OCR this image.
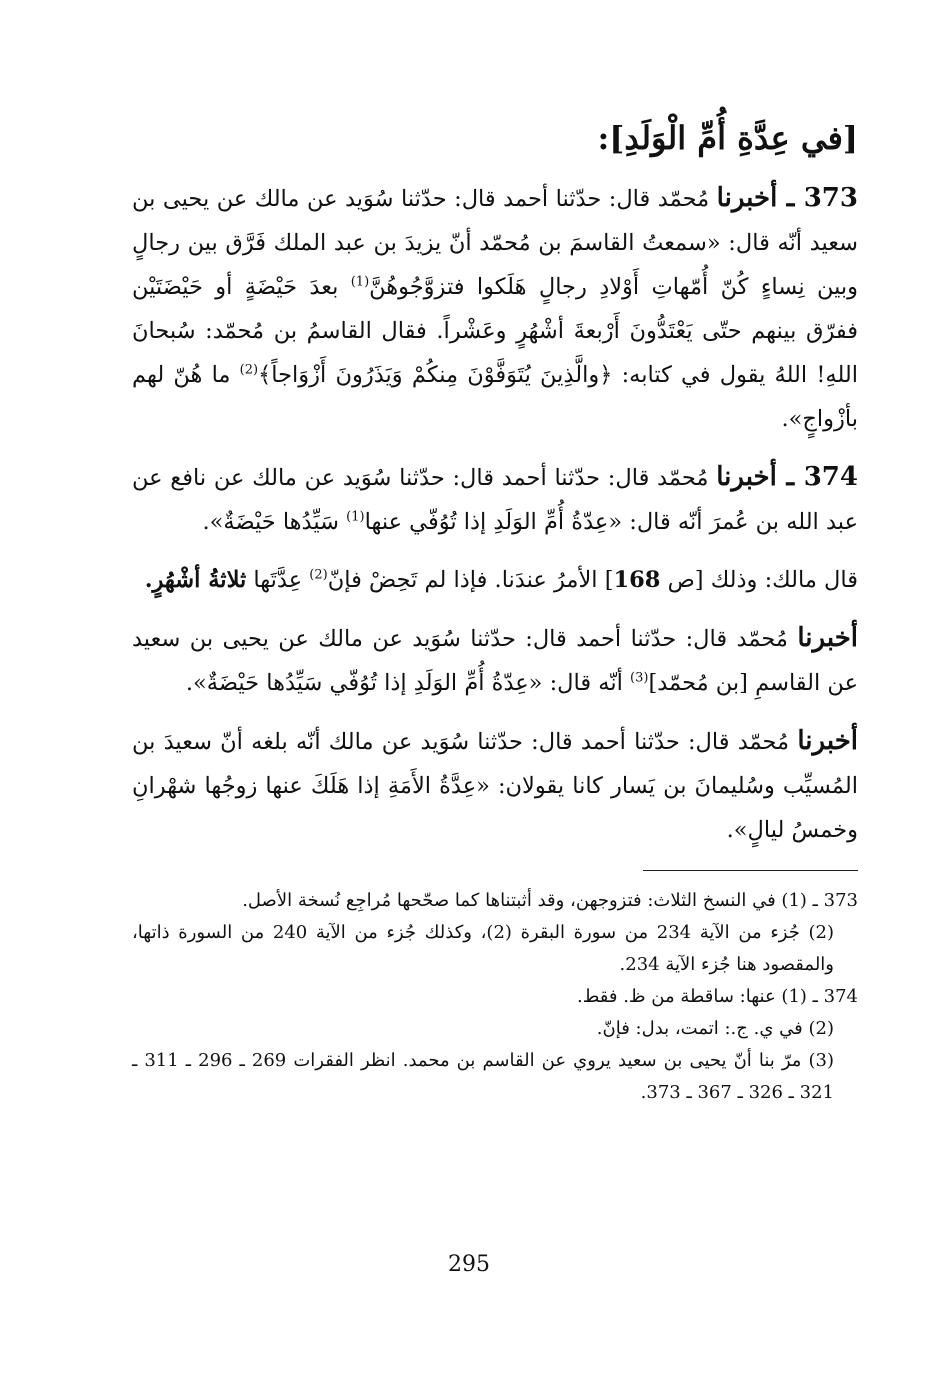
[في عِدَّةِ أُمِّ الْوَلَدِ]:

373 ـ أخبرنا مُحمّد قال: حدّثنا أحمد قال: حدّثنا سُوَيد عن مالك عن يحيى بن سعيد أنّه قال: «سمعتُ القاسمَ بن مُحمّد أنّ يزيدَ بن عبد الملك فَرَّق بين رجالٍ وبين نِساءٍ كُنّ أُمّهاتِ أَوْلادِ رجالٍ هَلَكوا فتزوَّجُوهُنَّ$^{(1)}$ بعدَ حَيْضَةٍ أو حَيْضَتَيْن ففرّق بينهم حتّى يَعْتَدُّونَ أَرْبعةَ أشْهُرٍ وعَشْراً. فقال القاسمُ بن مُحمّد: سُبحانَ اللهِ! اللهُ يقول في كتابه: ﴿والَّذِينَ يُتَوَفَّوْنَ مِنكُمْ وَيَذَرُونَ أَزْوَاجاً﴾$^{(2)}$ ما هُنّ لهم بأزْواجٍ».

374 ـ أخبرنا مُحمّد قال: حدّثنا أحمد قال: حدّثنا سُوَيد عن مالك عن نافع عن عبد الله بن عُمرَ أنّه قال: «عِدّةُ أُمِّ الوَلَدِ إذا تُوُفّي عنها$^{(1)}$ سَيِّدُها حَيْضَةٌ».

قال مالك: وذلك [ص 168] الأمرُ عندَنا. فإذا لم تَحِضْ فإنّ$^{(2)}$ عِدَّتَها ثلاثةُ أشْهُرٍ.

أخبرنا مُحمّد قال: حدّثنا أحمد قال: حدّثنا سُوَيد عن مالك عن يحيى بن سعيد عن القاسمِ [بن مُحمّد]$^{(3)}$ أنّه قال: «عِدّةُ أُمِّ الوَلَدِ إذا تُوُفّي سَيِّدُها حَيْضَةٌ».

أخبرنا مُحمّد قال: حدّثنا أحمد قال: حدّثنا سُوَيد عن مالك أنّه بلغه أنّ سعيدَ بن المُسيِّب وسُليمانَ بن يَسار كانا يقولان: «عِدَّةُ الأَمَةِ إذا هَلَكَ عنها زوجُها شهْرانِ وخمسُ ليالٍ».

373 ـ (1) في النسخ الثلاث: فتزوجهن، وقد أثبتناها كما صحّحها مُراجِع نُسخة الأصل.

(2) جُزء من الآية 234 من سورة البقرة (2)، وكذلك جُزء من الآية 240 من السورة ذاتها، والمقصود هنا جُزء الآية 234.

374 ـ (1) عنها: ساقطة من ظ. فقط.

(2) في ي. ج.: اتمت، بدل: فإنّ.

(3) مرّ بنا أنّ يحيى بن سعيد يروي عن القاسم بن محمد. انظر الفقرات 269 ـ 296 ـ 311 ـ 321 ـ 326 ـ 367 ـ 373.

295
